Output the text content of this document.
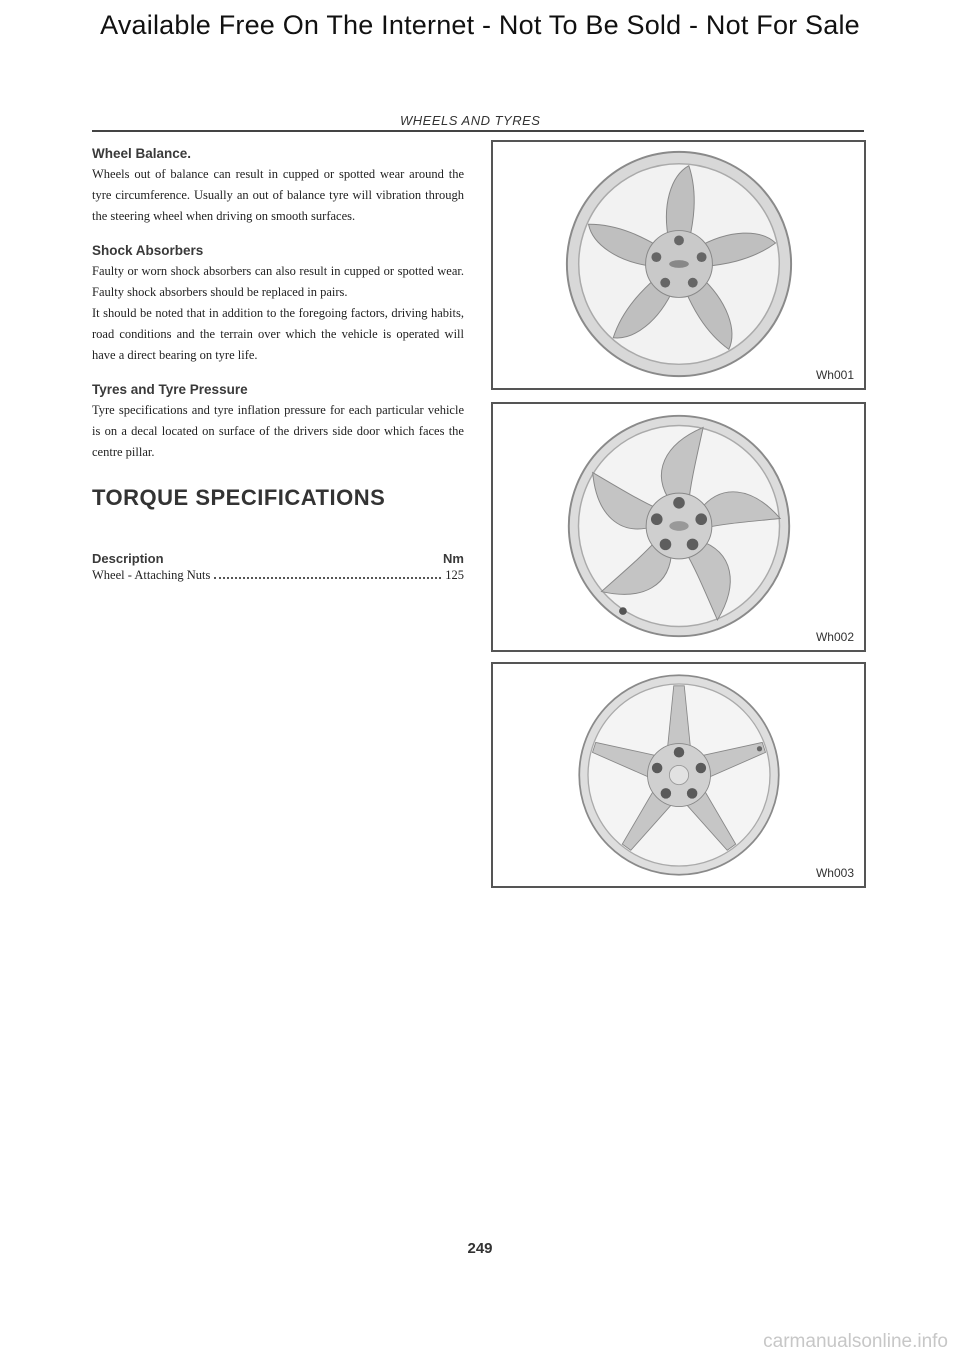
Available Free On The Internet - Not To Be Sold - Not For Sale
WHEELS AND TYRES
Wheel Balance.

Wheels out of balance can result in cupped or spotted wear around the tyre circumference. Usually an out of balance tyre will vibration through the steering wheel when driving on smooth surfaces.

Shock Absorbers

Faulty or worn shock absorbers can also result in cupped or spotted wear. Faulty shock absorbers should be replaced in pairs.

It should be noted that in addition to the foregoing factors, driving habits, road conditions and the terrain over which the vehicle is operated will have a direct bearing on tyre life.

Tyres and Tyre Pressure

Tyre specifications and tyre inflation pressure for each particular vehicle is on a decal located on surface of the drivers side door which faces the centre pillar.

TORQUE SPECIFICATIONS
Description	Nm
Wheel - Attaching Nuts	125
Wh001
Wh002
Wh003
249
carmanualsonline.info
